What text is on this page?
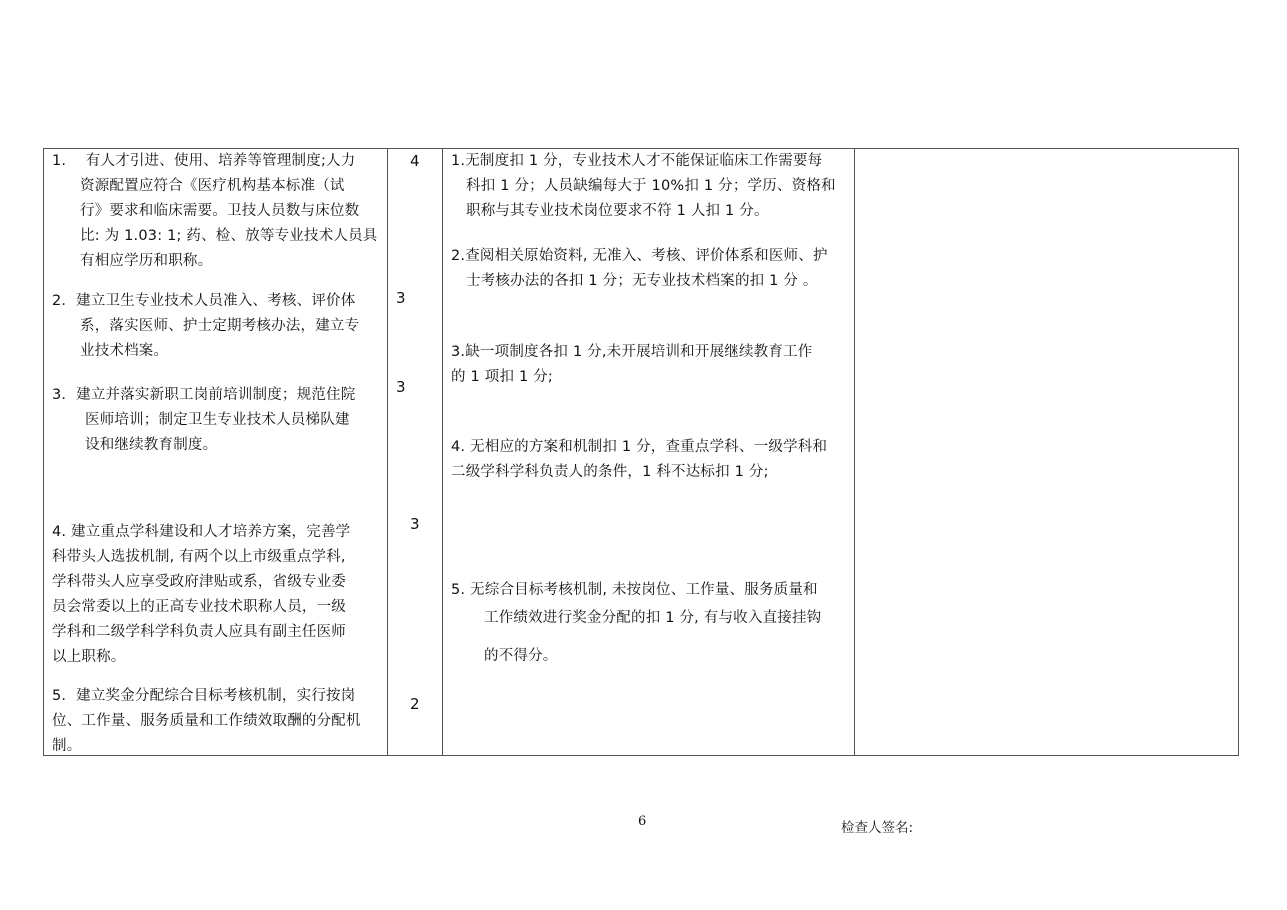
1.　 有人才引进、使用、培养等管理制度;人力
资源配置应符合《医疗机构基本标准（试
行》要求和临床需要。卫技人员数与床位数
比: 为 1.03: 1; 药、检、放等专业技术人员具
有相应学历和职称。
2．建立卫生专业技术人员准入、考核、评价体
系，落实医师、护士定期考核办法，建立专
业技术档案。
3．建立并落实新职工岗前培训制度；规范住院
医师培训；制定卫生专业技术人员梯队建
设和继续教育制度。
4. 建立重点学科建设和人才培养方案，完善学
科带头人选拔机制, 有两个以上市级重点学科,
学科带头人应享受政府津贴或系，省级专业委
员会常委以上的正高专业技术职称人员，一级
学科和二级学科学科负责人应具有副主任医师
以上职称。
5．建立奖金分配综合目标考核机制，实行按岗
位、工作量、服务质量和工作绩效取酬的分配机
制。
4
3
3
3
2
1.无制度扣 1 分，专业技术人才不能保证临床工作需要每
科扣 1 分；人员缺编每大于 10%扣 1 分；学历、资格和
职称与其专业技术岗位要求不符 1 人扣 1 分。
2.查阅相关原始资料, 无准入、考核、评价体系和医师、护
士考核办法的各扣 1 分；无专业技术档案的扣 1 分 。
3.缺一项制度各扣 1 分,未开展培训和开展继续教育工作
的 1 项扣 1 分;
4. 无相应的方案和机制扣 1 分，查重点学科、一级学科和
二级学科学科负责人的条件，1 科不达标扣 1 分;
5. 无综合目标考核机制, 未按岗位、工作量、服务质量和
工作绩效进行奖金分配的扣 1 分, 有与收入直接挂钩
的不得分。
6	检查人签名:
